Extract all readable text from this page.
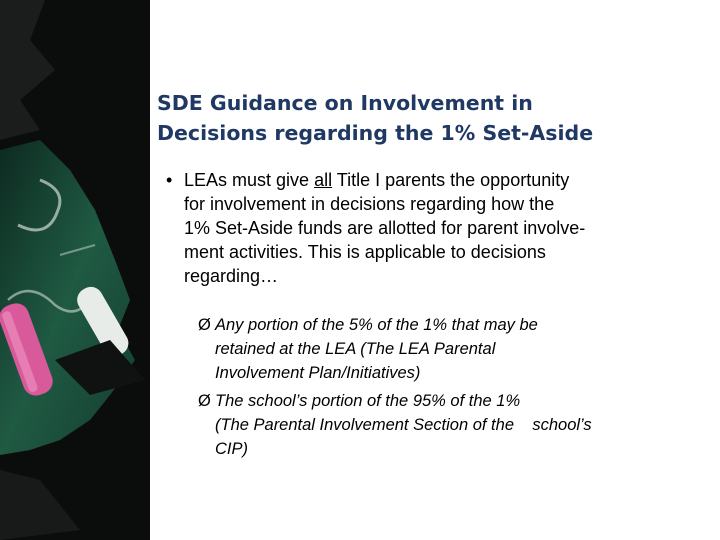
SDE Guidance on Involvement in
Decisions regarding the 1% Set-Aside
• LEAs must give all Title I parents the opportunity
for involvement in decisions regarding how the
1% Set-Aside funds are allotted for parent involve-
ment activities. This is applicable to decisions
regarding…
Ø Any portion of the 5% of the 1% that may be
retained at the LEA (The LEA Parental
Involvement Plan/Initiatives)
Ø The school’s portion of the 95% of the 1%
(The Parental Involvement Section of the    school’s
CIP)
